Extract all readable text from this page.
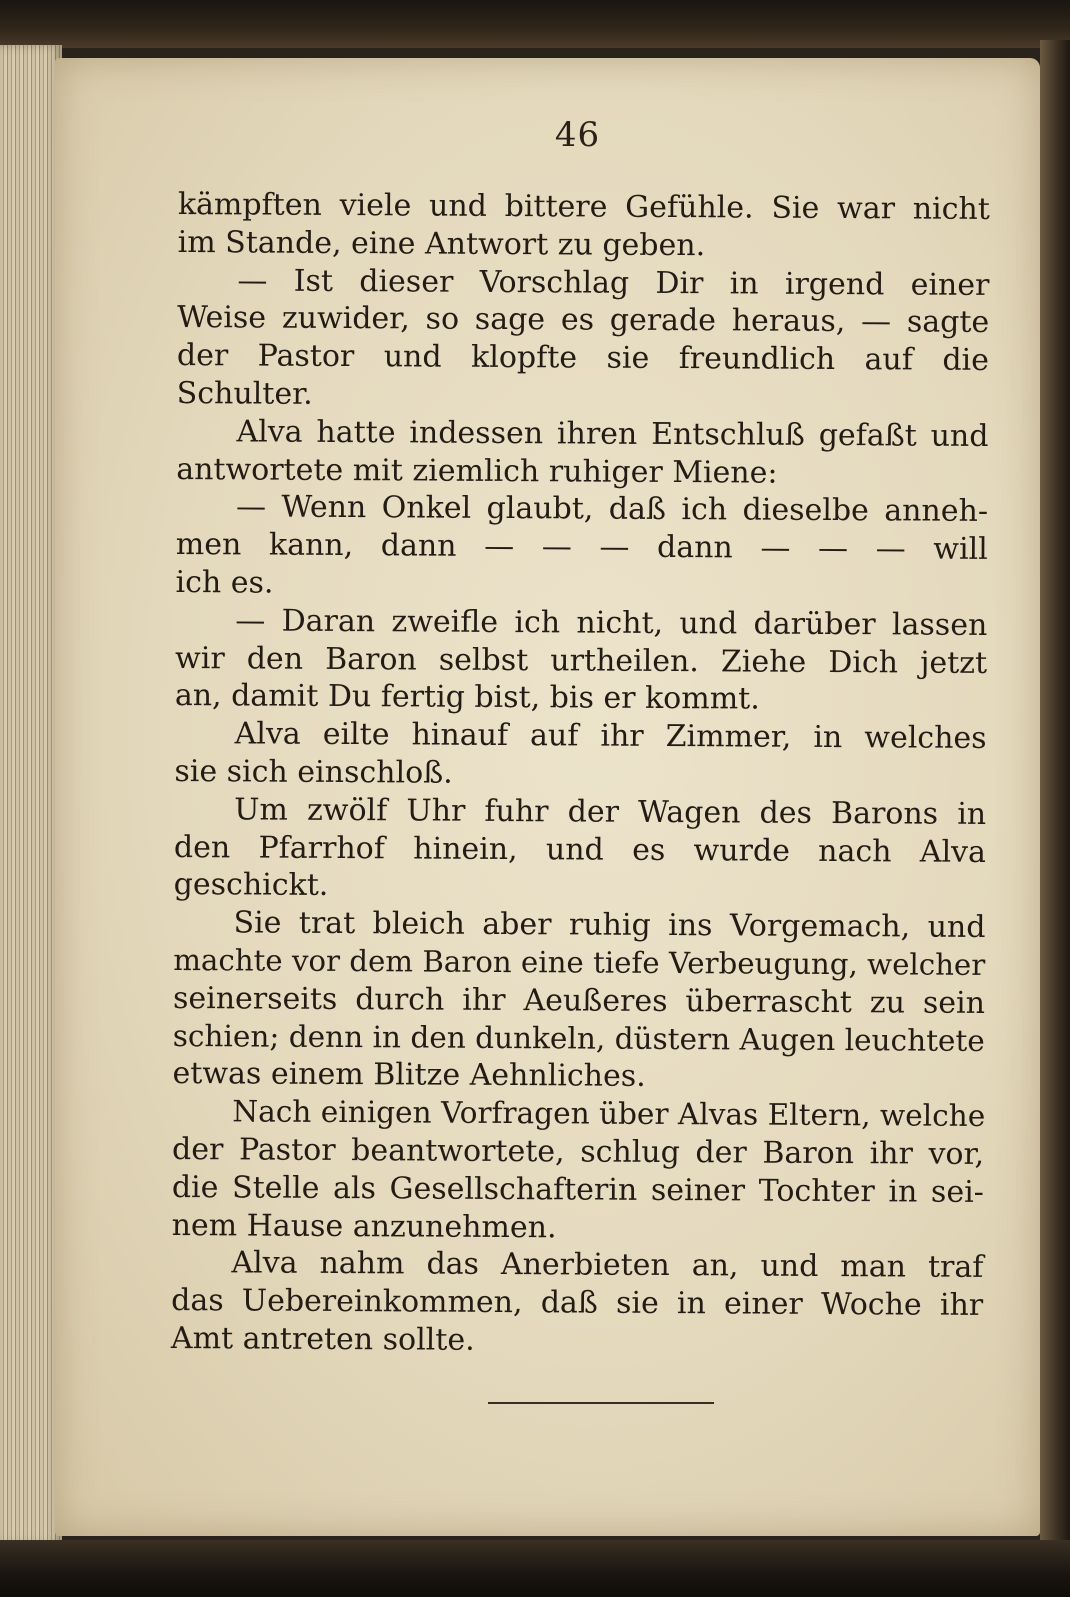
46
kämpften viele und bittere Gefühle. Sie war nicht
im Stande, eine Antwort zu geben.
— Ist dieser Vorschlag Dir in irgend einer
Weise zuwider, so sage es gerade heraus, — sagte
der Pastor und klopfte sie freundlich auf die
Schulter.
Alva hatte indessen ihren Entschluß gefaßt und
antwortete mit ziemlich ruhiger Miene:
— Wenn Onkel glaubt, daß ich dieselbe anneh-
men kann, dann — — — dann — — — will
ich es.
— Daran zweifle ich nicht, und darüber lassen
wir den Baron selbst urtheilen. Ziehe Dich jetzt
an, damit Du fertig bist, bis er kommt.
Alva eilte hinauf auf ihr Zimmer, in welches
sie sich einschloß.
Um zwölf Uhr fuhr der Wagen des Barons in
den Pfarrhof hinein, und es wurde nach Alva
geschickt.
Sie trat bleich aber ruhig ins Vorgemach, und
machte vor dem Baron eine tiefe Verbeugung, welcher
seinerseits durch ihr Aeußeres überrascht zu sein
schien; denn in den dunkeln, düstern Augen leuchtete
etwas einem Blitze Aehnliches.
Nach einigen Vorfragen über Alvas Eltern, welche
der Pastor beantwortete, schlug der Baron ihr vor,
die Stelle als Gesellschafterin seiner Tochter in sei-
nem Hause anzunehmen.
Alva nahm das Anerbieten an, und man traf
das Uebereinkommen, daß sie in einer Woche ihr
Amt antreten sollte.
